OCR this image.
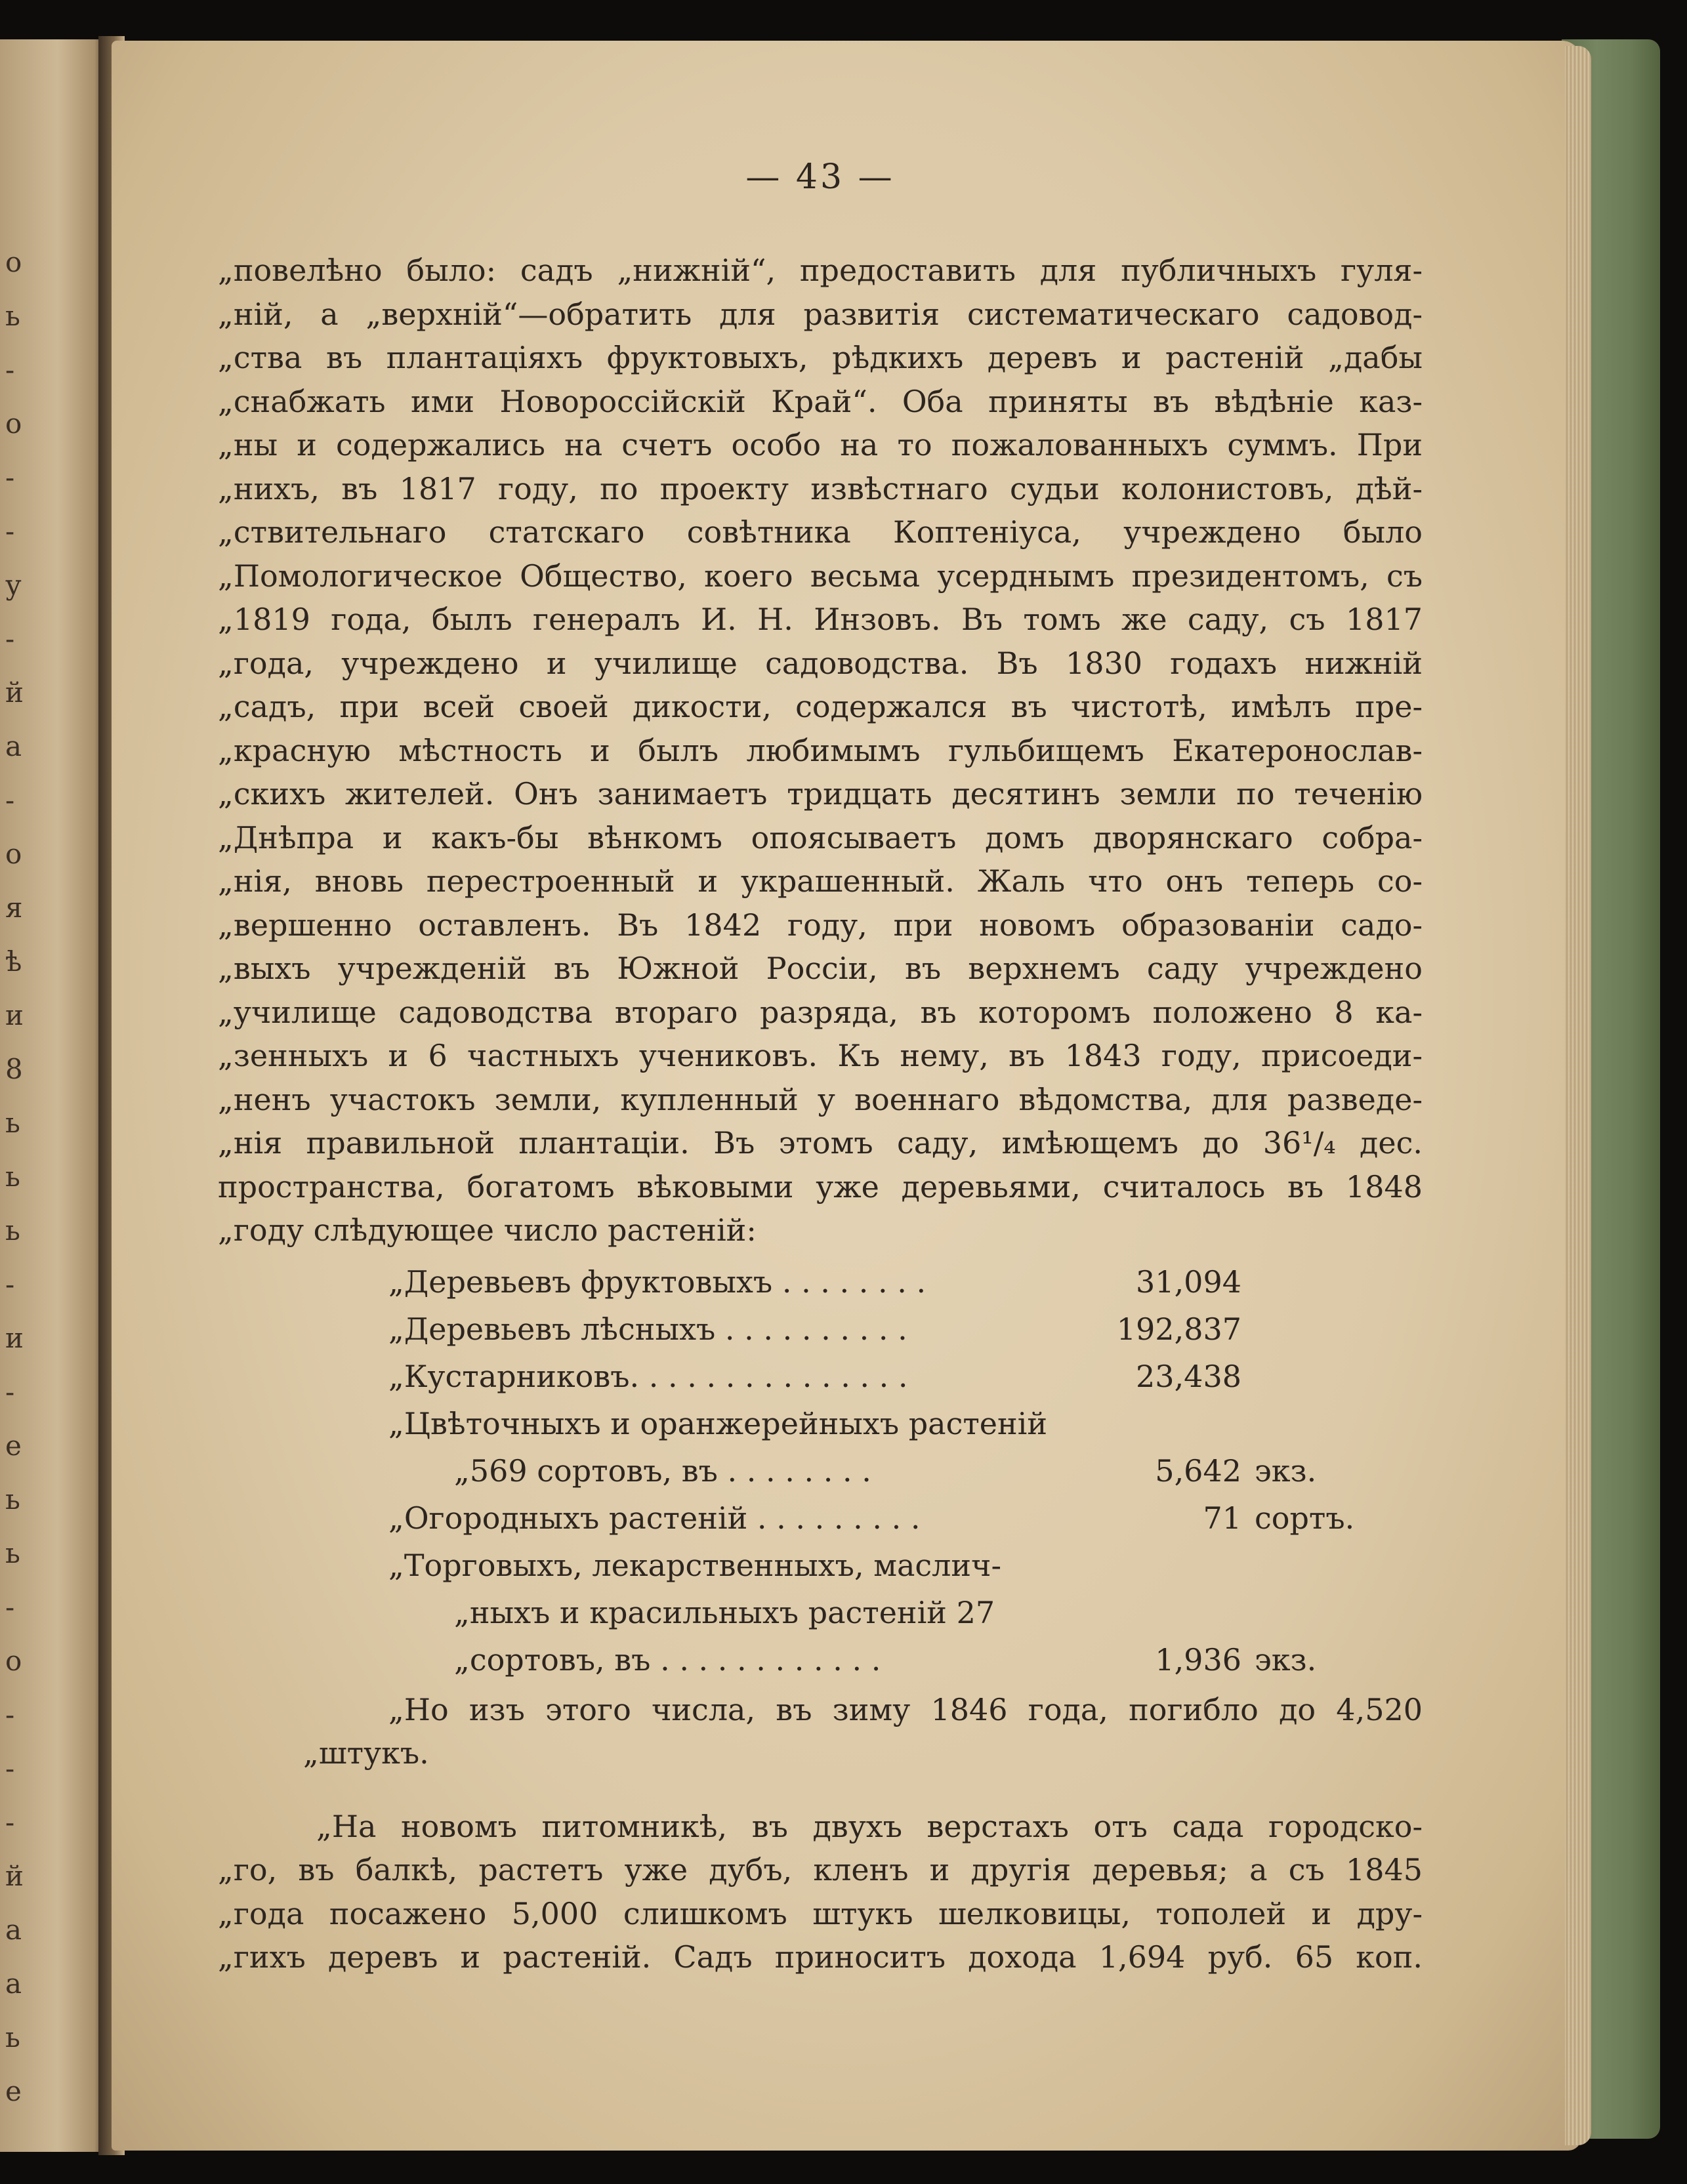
о
ь
-
о
-
-
у
-
й
а
-
о
я
ѣ
и
8
ь
ь
ь
-
и
-
е
ь
ь
-
о
-
-
-
й
а
а
ь
е
— 43 —
„повелѣно было: садъ „нижній“, предоставить для публичныхъ гуля-
„ній, а „верхній“—обратить для развитія систематическаго садовод-
„ства въ плантаціяхъ фруктовыхъ, рѣдкихъ деревъ и растеній „дабы
„снабжать ими Новороссійскій Край“. Оба приняты въ вѣдѣніе каз-
„ны и содержались на счетъ особо на то пожалованныхъ суммъ. При
„нихъ, въ 1817 году, по проекту извѣстнаго судьи колонистовъ, дѣй-
„ствительнаго статскаго совѣтника Коптеніуса, учреждено было
„Помологическое Общество, коего весьма усерднымъ президентомъ, съ
„1819 года, былъ генералъ И. Н. Инзовъ. Въ томъ же саду, съ 1817
„года, учреждено и училище садоводства. Въ 1830 годахъ нижній
„садъ, при всей своей дикости, содержался въ чистотѣ, имѣлъ пре-
„красную мѣстность и былъ любимымъ гульбищемъ Екатеронослав-
„скихъ жителей. Онъ занимаетъ тридцать десятинъ земли по теченію
„Днѣпра и какъ-бы вѣнкомъ опоясываетъ домъ дворянскаго собра-
„нія, вновь перестроенный и украшенный. Жаль что онъ теперь со-
„вершенно оставленъ. Въ 1842 году, при новомъ образованіи садо-
„выхъ учрежденій въ Южной Россіи, въ верхнемъ саду учреждено
„училище садоводства втораго разряда, въ которомъ положено 8 ка-
„зенныхъ и 6 частныхъ учениковъ. Къ нему, въ 1843 году, присоеди-
„ненъ участокъ земли, купленный у военнаго вѣдомства, для разведе-
„нія правильной плантаціи. Въ этомъ саду, имѣющемъ до 36¹/₄ дес.
пространства, богатомъ вѣковыми уже деревьями, считалось въ 1848
„году слѣдующее число растеній:
„Деревьевъ фруктовыхъ . . . . . . . .	31,094
„Деревьевъ лѣсныхъ . . . . . . . . . .	192,837
„Кустарниковъ. . . . . . . . . . . . . . .	23,438
„Цвѣточныхъ и оранжерейныхъ растеній
„569 сортовъ, въ . . . . . . . .	5,642 экз.
„Огородныхъ растеній . . . . . . . . .	71 сортъ.
„Торговыхъ, лекарственныхъ, маслич-
„ныхъ и красильныхъ растеній 27
„сортовъ, въ . . . . . . . . . . . .	1,936 экз.
„Но изъ этого числа, въ зиму 1846 года, погибло до 4,520
„штукъ.
„На новомъ питомникѣ, въ двухъ верстахъ отъ сада городско-
„го, въ балкѣ, растетъ уже дубъ, кленъ и другія деревья; а съ 1845
„года посажено 5,000 слишкомъ штукъ шелковицы, тополей и дру-
„гихъ деревъ и растеній. Садъ приноситъ дохода 1,694 руб. 65 коп.
